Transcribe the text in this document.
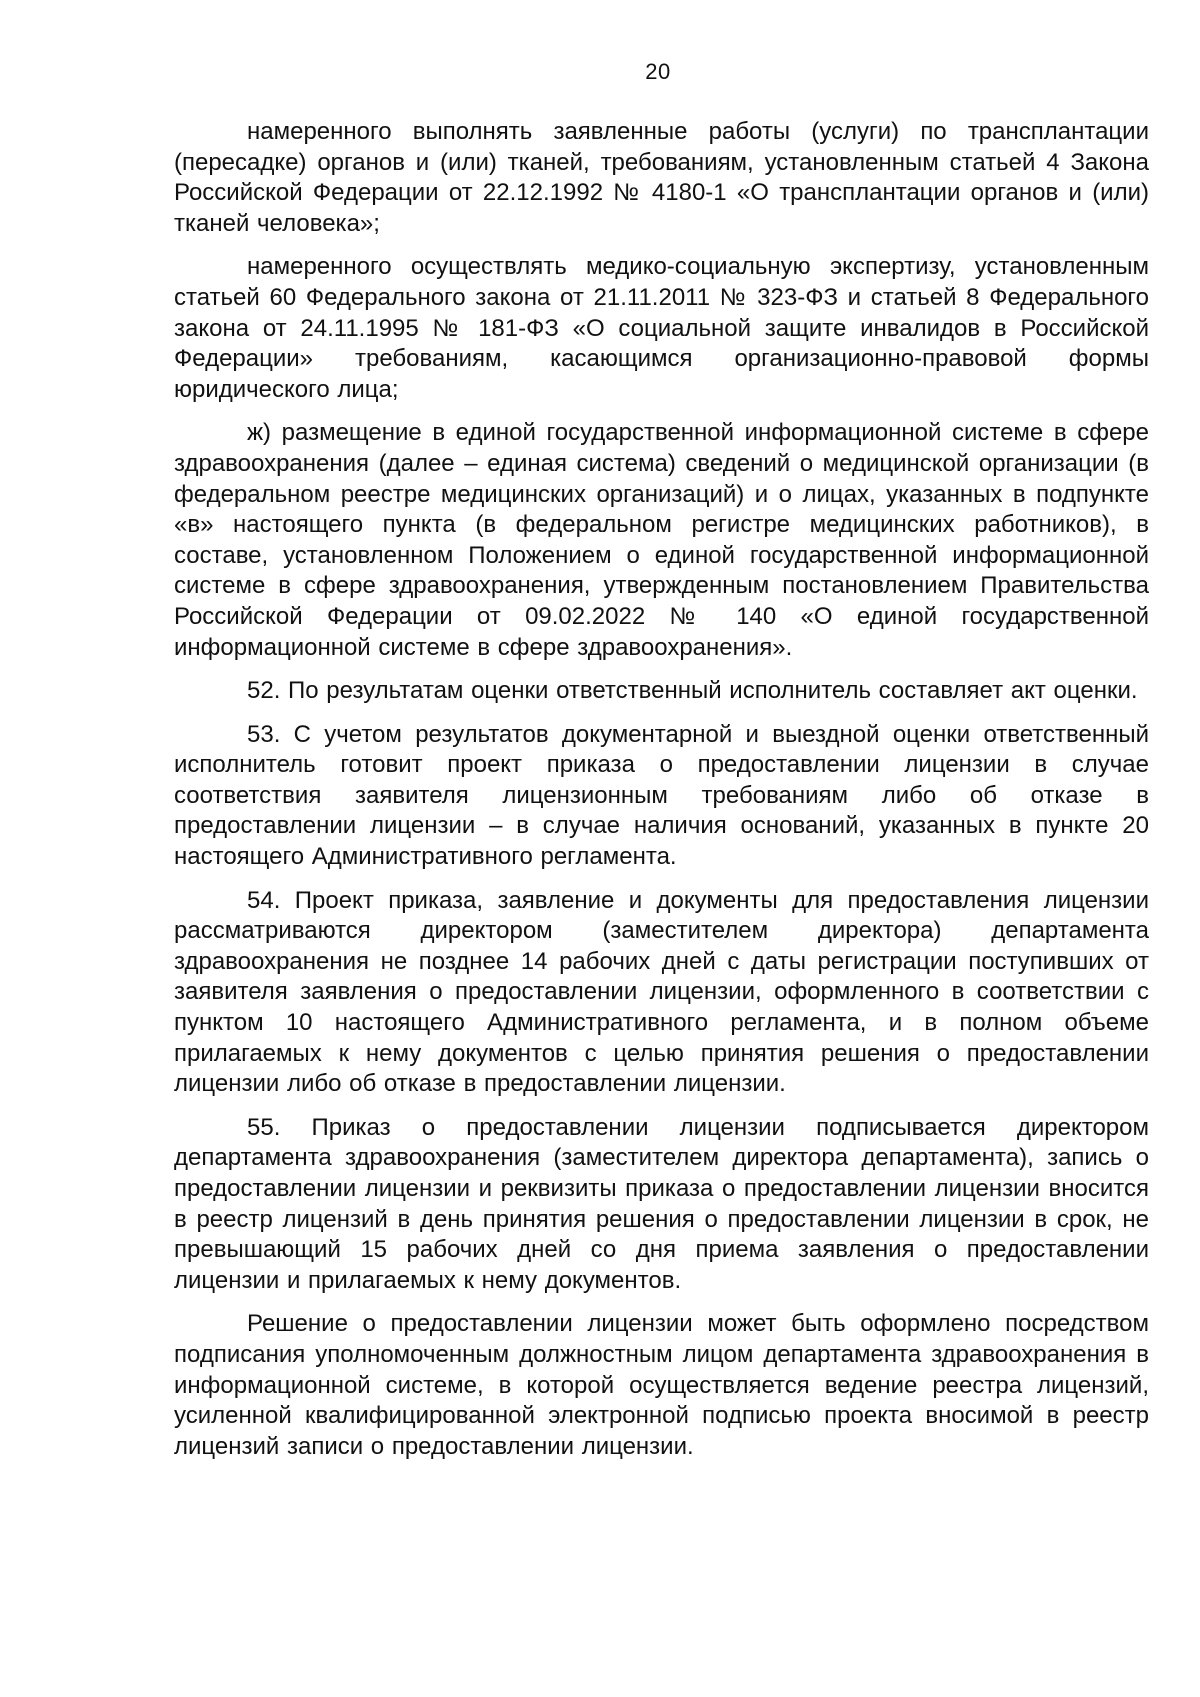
20

намеренного выполнять заявленные работы (услуги) по трансплантации (пересадке) органов и (или) тканей, требованиям, установленным статьей 4 Закона Российской Федерации от 22.12.1992 № 4180-1 «О трансплантации органов и (или) тканей человека»;

намеренного осуществлять медико-социальную экспертизу, установленным статьей 60 Федерального закона от 21.11.2011 № 323-ФЗ и статьей 8 Федерального закона от 24.11.1995 № 181-ФЗ «О социальной защите инвалидов в Российской Федерации» требованиям, касающимся организационно-правовой формы юридического лица;

ж) размещение в единой государственной информационной системе в сфере здравоохранения (далее – единая система) сведений о медицинской организации (в федеральном реестре медицинских организаций) и о лицах, указанных в подпункте «в» настоящего пункта (в федеральном регистре медицинских работников), в составе, установленном Положением о единой государственной информационной системе в сфере здравоохранения, утвержденным постановлением Правительства Российской Федерации от 09.02.2022 № 140 «О единой государственной информационной системе в сфере здравоохранения».

52. По результатам оценки ответственный исполнитель составляет акт оценки.

53. С учетом результатов документарной и выездной оценки ответственный исполнитель готовит проект приказа о предоставлении лицензии в случае соответствия заявителя лицензионным требованиям либо об отказе в предоставлении лицензии – в случае наличия оснований, указанных в пункте 20 настоящего Административного регламента.

54. Проект приказа, заявление и документы для предоставления лицензии рассматриваются директором (заместителем директора) департамента здравоохранения не позднее 14 рабочих дней с даты регистрации поступивших от заявителя заявления о предоставлении лицензии, оформленного в соответствии с пунктом 10 настоящего Административного регламента, и в полном объеме прилагаемых к нему документов с целью принятия решения о предоставлении лицензии либо об отказе в предоставлении лицензии.

55. Приказ о предоставлении лицензии подписывается директором департамента здравоохранения (заместителем директора департамента), запись о предоставлении лицензии и реквизиты приказа о предоставлении лицензии вносится в реестр лицензий в день принятия решения о предоставлении лицензии в срок, не превышающий 15 рабочих дней со дня приема заявления о предоставлении лицензии и прилагаемых к нему документов.

Решение о предоставлении лицензии может быть оформлено посредством подписания уполномоченным должностным лицом департамента здравоохранения в информационной системе, в которой осуществляется ведение реестра лицензий, усиленной квалифицированной электронной подписью проекта вносимой в реестр лицензий записи о предоставлении лицензии.
